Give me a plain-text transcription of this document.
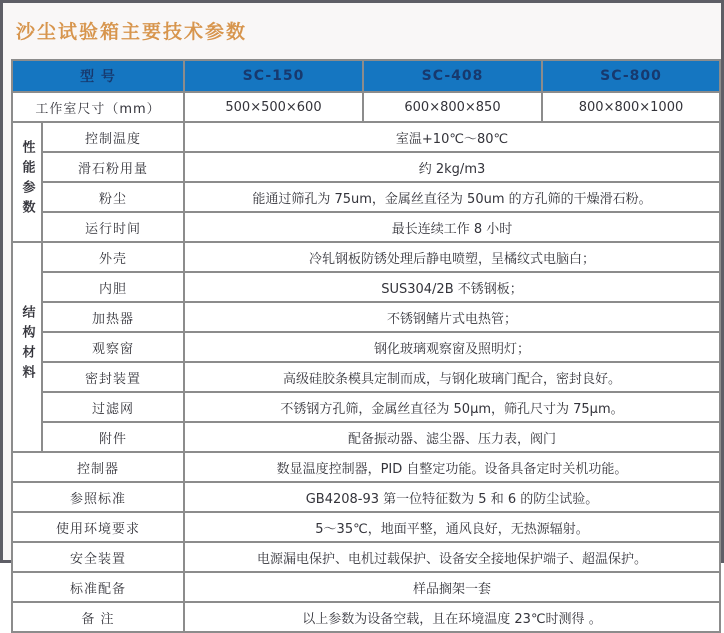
沙尘试验箱主要技术参数
型 号		SC-150	SC-408	SC-800
工作室尺寸（mm）		500×500×600	600×800×850	800×800×1000
性能参数	控制温度	室温+10℃～80℃		
	滑石粉用量	约 2kg/m3		
	粉尘	能通过筛孔为 75um，金属丝直径为 50um 的方孔筛的干燥滑石粉。		
	运行时间	最长连续工作 8 小时		
结构材料	外壳	冷轧钢板防锈处理后静电喷塑，呈橘纹式电脑白；		
	内胆	SUS304/2B 不锈钢板；		
	加热器	不锈钢鳍片式电热管；		
	观察窗	钢化玻璃观察窗及照明灯；		
	密封装置	高级硅胶条模具定制而成，与钢化玻璃门配合，密封良好。		
	过滤网	不锈钢方孔筛，金属丝直径为 50μm，筛孔尺寸为 75μm。		
	附件	配备振动器、滤尘器、压力表，阀门		
控制器		数显温度控制器，PID 自整定功能。设备具备定时关机功能。		
参照标准		GB4208-93 第一位特征数为 5 和 6 的防尘试验。		
使用环境要求		5～35℃，地面平整，通风良好，无热源辐射。		
安全装置		电源漏电保护、电机过载保护、设备安全接地保护端子、超温保护。		
标准配备		样品搁架一套		
备 注		以上参数为设备空载，且在环境温度 23℃时测得 。		
